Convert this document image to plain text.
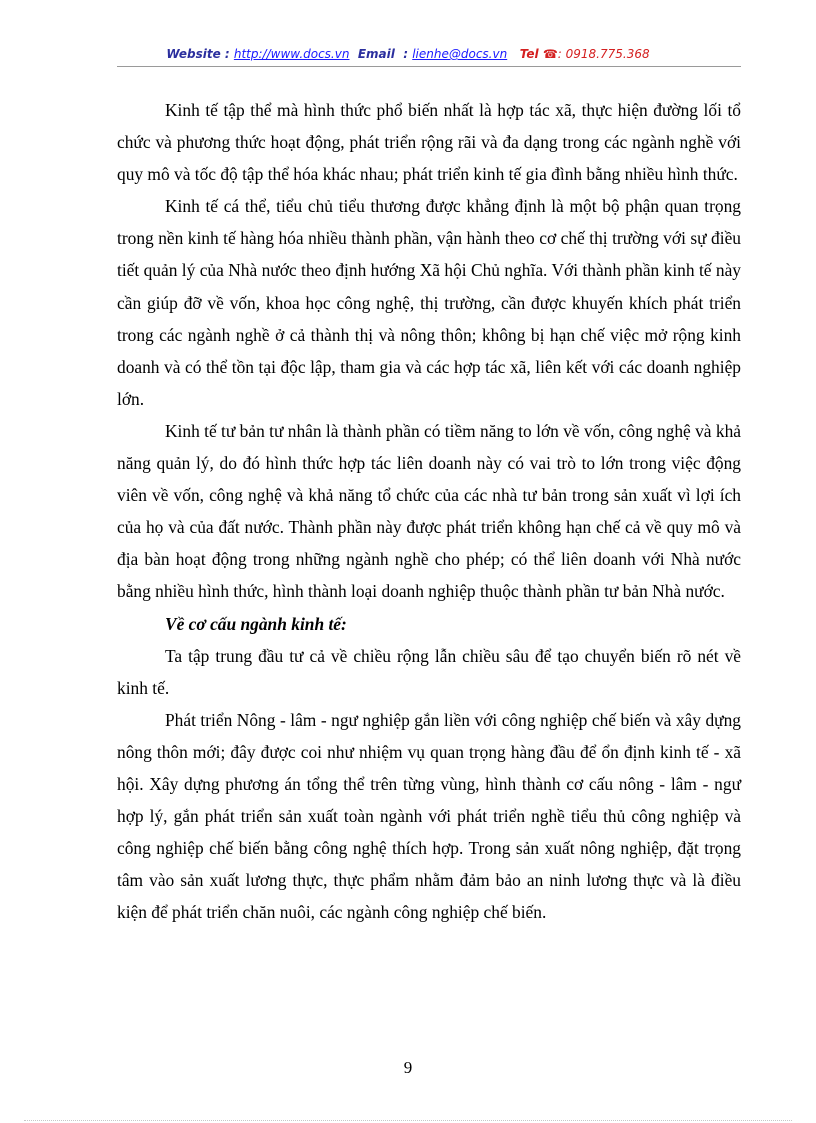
Website : http://www.docs.vn Email : lienhe@docs.vn Tel ☎: 0918.775.368

Kinh tế tập thể mà hình thức phổ biến nhất là hợp tác xã, thực hiện đường lối tổ chức và phương thức hoạt động, phát triển rộng rãi và đa dạng trong các ngành nghề với quy mô và tốc độ tập thể hóa khác nhau; phát triển kinh tế gia đình bằng nhiều hình thức.

Kinh tế cá thể, tiểu chủ tiểu thương được khẳng định là một bộ phận quan trọng trong nền kinh tế hàng hóa nhiều thành phần, vận hành theo cơ chế thị trường với sự điều tiết quản lý của Nhà nước theo định hướng Xã hội Chủ nghĩa. Với thành phần kinh tế này cần giúp đỡ về vốn, khoa học công nghệ, thị trường, cần được khuyến khích phát triển trong các ngành nghề ở cả thành thị và nông thôn; không bị hạn chế việc mở rộng kinh doanh và có thể tồn tại độc lập, tham gia và các hợp tác xã, liên kết với các doanh nghiệp lớn.

Kinh tế tư bản tư nhân là thành phần có tiềm năng to lớn về vốn, công nghệ và khả năng quản lý, do đó hình thức hợp tác liên doanh này có vai trò to lớn trong việc động viên về vốn, công nghệ và khả năng tổ chức của các nhà tư bản trong sản xuất vì lợi ích của họ và của đất nước. Thành phần này được phát triển không hạn chế cả về quy mô và địa bàn hoạt động trong những ngành nghề cho phép; có thể liên doanh với Nhà nước bằng nhiều hình thức, hình thành loại doanh nghiệp thuộc thành phần tư bản Nhà nước.

Về cơ cấu ngành kinh tế:

Ta tập trung đầu tư cả về chiều rộng lẫn chiều sâu để tạo chuyển biến rõ nét về kinh tế.

Phát triển Nông - lâm - ngư nghiệp gắn liền với công nghiệp chế biến và xây dựng nông thôn mới; đây được coi như nhiệm vụ quan trọng hàng đầu để ổn định kinh tế - xã hội. Xây dựng phương án tổng thể trên từng vùng, hình thành cơ cấu nông - lâm - ngư hợp lý, gắn phát triển sản xuất toàn ngành với phát triển nghề tiểu thủ công nghiệp và công nghiệp chế biến bằng công nghệ thích hợp. Trong sản xuất nông nghiệp, đặt trọng tâm vào sản xuất lương thực, thực phẩm nhằm đảm bảo an ninh lương thực và là điều kiện để phát triển chăn nuôi, các ngành công nghiệp chế biến.

9
